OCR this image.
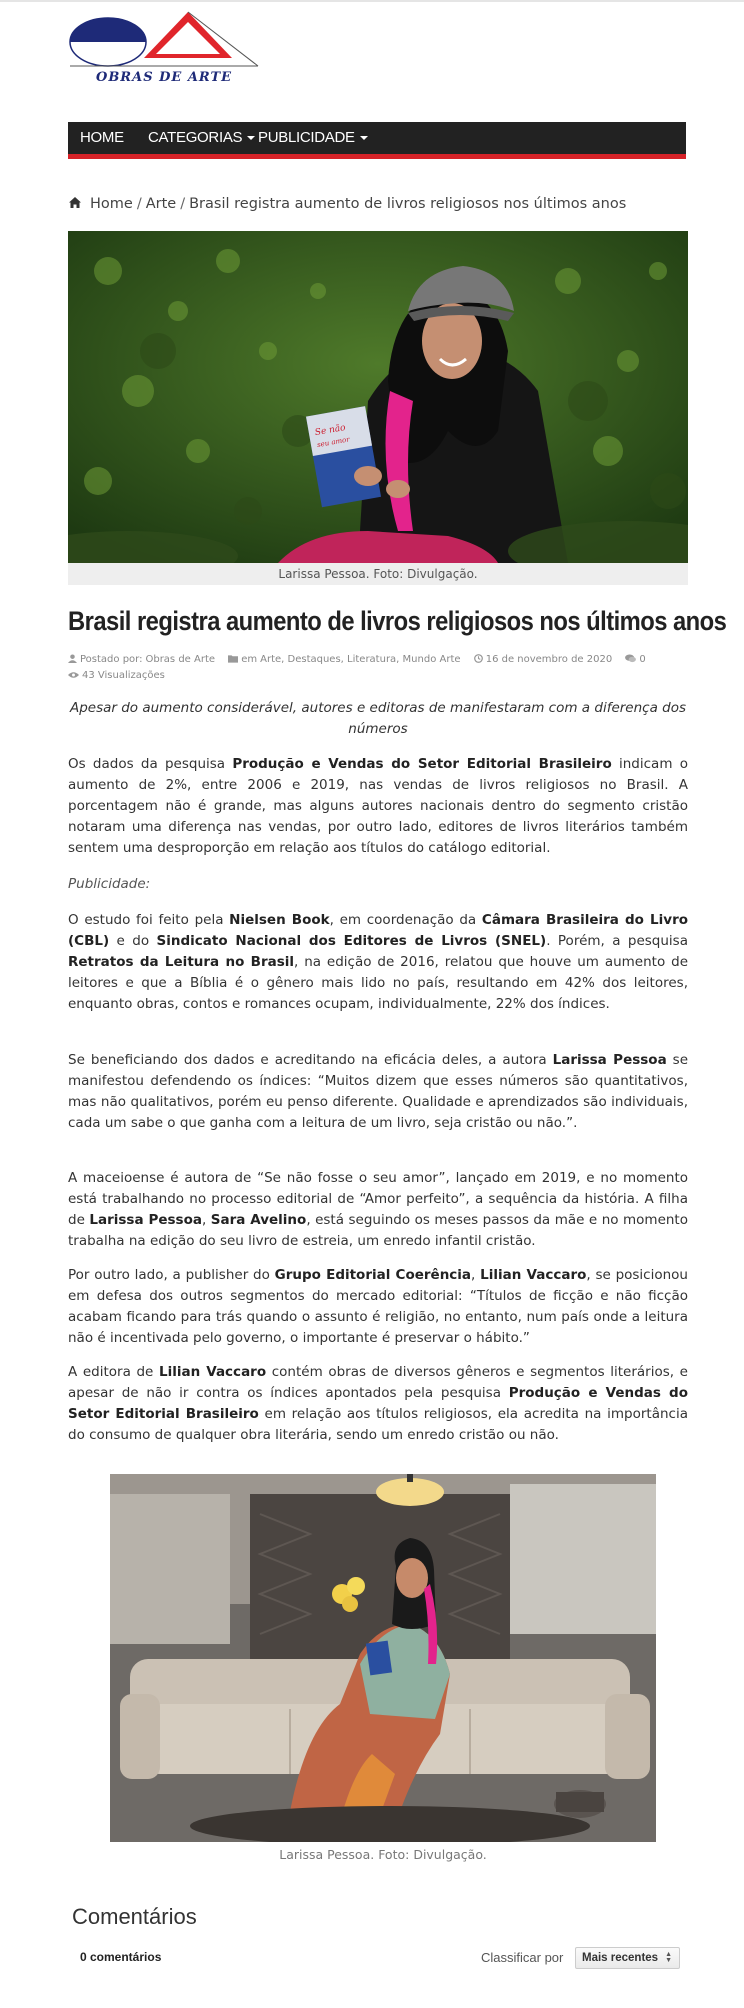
OBRAS DE ARTE
HOME CATEGORIAS	PUBLICIDADE
Home / Arte / Brasil registra aumento de livros religiosos nos últimos anos
Se não
seu amor
Larissa Pessoa. Foto: Divulgação.
Brasil registra aumento de livros religiosos nos últimos anos
Postado por: Obras de Arte	em Arte, Destaques, Literatura, Mundo Arte	16 de novembro de 2020	0
43 Visualizações

Apesar do aumento considerável, autores e editoras de manifestaram com a diferença dos números

Os dados da pesquisa Produção e Vendas do Setor Editorial Brasileiro indicam o aumento de 2%, entre 2006 e 2019, nas vendas de livros religiosos no Brasil. A porcentagem não é grande, mas alguns autores nacionais dentro do segmento cristão notaram uma diferença nas vendas, por outro lado, editores de livros literários também sentem uma desproporção em relação aos títulos do catálogo editorial.

Publicidade:

O estudo foi feito pela Nielsen Book, em coordenação da Câmara Brasileira do Livro (CBL) e do Sindicato Nacional dos Editores de Livros (SNEL). Porém, a pesquisa Retratos da Leitura no Brasil, na edição de 2016, relatou que houve um aumento de leitores e que a Bíblia é o gênero mais lido no país, resultando em 42% dos leitores, enquanto obras, contos e romances ocupam, individualmente, 22% dos índices.

Se beneficiando dos dados e acreditando na eficácia deles, a autora Larissa Pessoa se manifestou defendendo os índices: “Muitos dizem que esses números são quantitativos, mas não qualitativos, porém eu penso diferente. Qualidade e aprendizados são individuais, cada um sabe o que ganha com a leitura de um livro, seja cristão ou não.”.

A maceioense é autora de “Se não fosse o seu amor”, lançado em 2019, e no momento está trabalhando no processo editorial de “Amor perfeito”, a sequência da história. A filha de Larissa Pessoa, Sara Avelino, está seguindo os meses passos da mãe e no momento trabalha na edição do seu livro de estreia, um enredo infantil cristão.

Por outro lado, a publisher do Grupo Editorial Coerência, Lilian Vaccaro, se posicionou em defesa dos outros segmentos do mercado editorial: “Títulos de ficção e não ficção acabam ficando para trás quando o assunto é religião, no entanto, num país onde a leitura não é incentivada pelo governo, o importante é preservar o hábito.”

A editora de Lilian Vaccaro contém obras de diversos gêneros e segmentos literários, e apesar de não ir contra os índices apontados pela pesquisa Produção e Vendas do Setor Editorial Brasileiro em relação aos títulos religiosos, ela acredita na importância do consumo de qualquer obra literária, sendo um enredo cristão ou não.

Larissa Pessoa. Foto: Divulgação.
Comentários
0 comentários	Classificar por	Mais recentes ▲
▼
